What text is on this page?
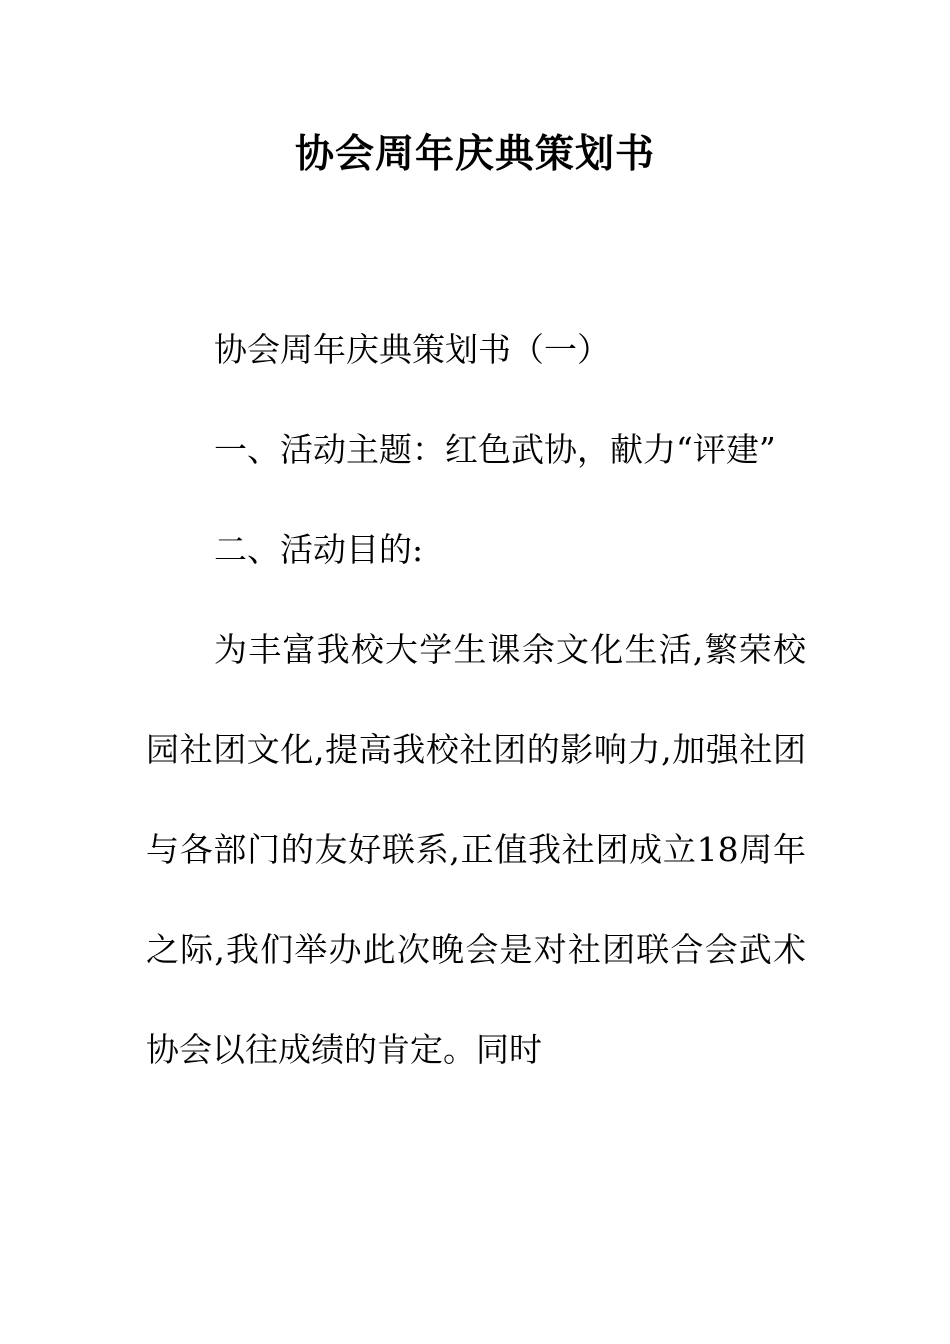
协会周年庆典策划书

协会周年庆典策划书（一）

一、活动主题：红色武协，献力“评建”

二、活动目的:

为丰富我校大学生课余文化生活,繁荣校园社团文化,提高我校社团的影响力,加强社团与各部门的友好联系,正值我社团成立18周年之际,我们举办此次晚会是对社团联合会武术协会以往成绩的肯定。同时
